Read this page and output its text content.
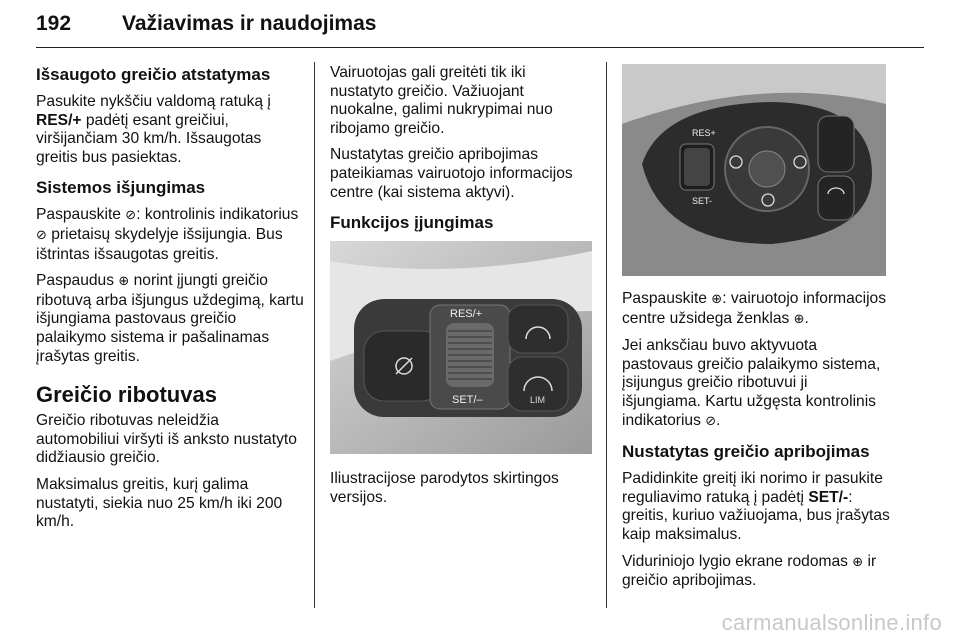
192 Važiavimas ir naudojimas
Išsaugoto greičio atstatymas

Pasukite nykščiu valdomą ratuką į RES/+ padėtį esant greičiui, viršijančiam 30 km/h. Išsaugotas greitis bus pasiektas.

Sistemos išjungimas

Paspauskite ⊘: kontrolinis indikatorius ⊘ prietaisų skydelyje išsijungia. Bus ištrintas išsaugotas greitis.

Paspaudus ⊕ norint įjungti greičio ribotuvą arba išjungus uždegimą, kartu išjungiama pastovaus greičio palaikymo sistema ir pašalinamas įrašytas greitis.

Greičio ribotuvas

Greičio ribotuvas neleidžia automobiliui viršyti iš anksto nustatyto didžiausio greičio.

Maksimalus greitis, kurį galima nustatyti, siekia nuo 25 km/h iki 200 km/h.

Vairuotojas gali greitėti tik iki nustatyto greičio. Važiuojant nuokalne, galimi nukrypimai nuo ribojamo greičio.

Nustatytas greičio apribojimas pateikiamas vairuotojo informacijos centre (kai sistema aktyvi).

Funkcijos įjungimas
RES/+
SET/–	LIM

Iliustracijose parodytos skirtingos versijos.

RES+
SET-

Paspauskite ⊕: vairuotojo informacijos centre užsidega ženklas ⊕.

Jei anksčiau buvo aktyvuota pastovaus greičio palaikymo sistema, įsijungus greičio ribotuvui ji išjungiama. Kartu užgęsta kontrolinis indikatorius ⊘.

Nustatytas greičio apribojimas

Padidinkite greitį iki norimo ir pasukite reguliavimo ratuką į padėtį SET/-: greitis, kuriuo važiuojama, bus įrašytas kaip maksimalus.

Viduriniojo lygio ekrane rodomas ⊕ ir greičio apribojimas.

carmanualsonline.info
